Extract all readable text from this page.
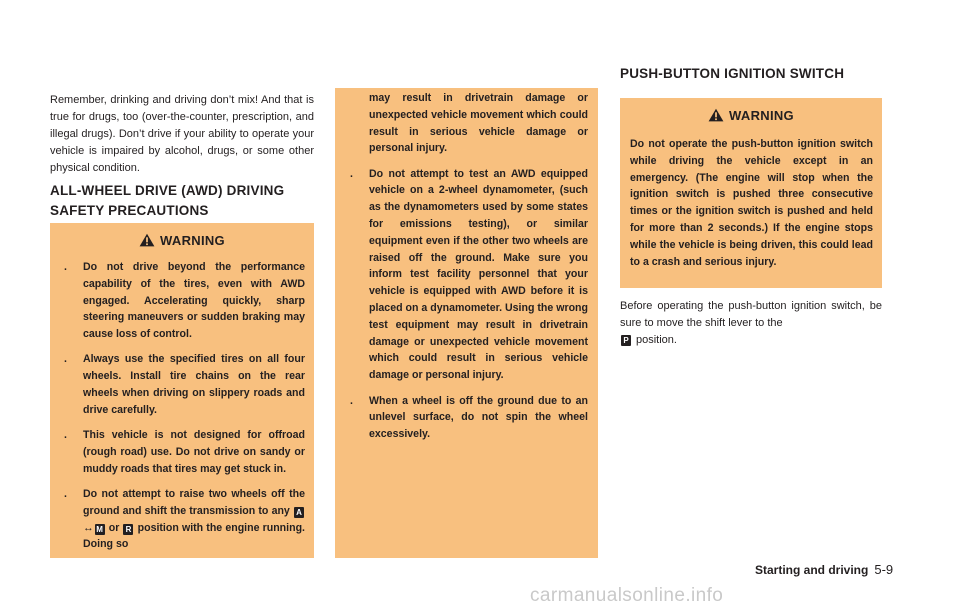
Remember, drinking and driving don’t mix! And that is true for drugs, too (over-the-counter, prescription, and illegal drugs). Don’t drive if your ability to operate your vehicle is impaired by alcohol, drugs, or some other physical condition.

ALL-WHEEL DRIVE (AWD) DRIVING
SAFETY PRECAUTIONS
WARNING
. Do not drive beyond the performance capability of the tires, even with AWD engaged. Accelerating quickly, sharp steering maneuvers or sudden braking may cause loss of control.
. Always use the specified tires on all four wheels. Install tire chains on the rear wheels when driving on slippery roads and drive carefully.
. This vehicle is not designed for offroad (rough road) use. Do not drive on sandy or muddy roads that tires may get stuck in.
. Do not attempt to raise two wheels off the ground and shift the transmission to any A↔ M or R position with the engine running. Doing so
may result in drivetrain damage or unexpected vehicle movement which could result in serious vehicle damage or personal injury.
. Do not attempt to test an AWD equipped vehicle on a 2-wheel dynamometer, (such as the dynamometers used by some states for emissions testing), or similar equipment even if the other two wheels are raised off the ground. Make sure you inform test facility personnel that your vehicle is equipped with AWD before it is placed on a dynamometer. Using the wrong test equipment may result in drivetrain damage or unexpected vehicle movement which could result in serious vehicle damage or personal injury.
. When a wheel is off the ground due to an unlevel surface, do not spin the wheel excessively.
PUSH-BUTTON IGNITION SWITCH
WARNING
Do not operate the push-button ignition switch while driving the vehicle except in an emergency. (The engine will stop when the ignition switch is pushed three consecutive times or the ignition switch is pushed and held for more than 2 seconds.) If the engine stops while the vehicle is being driven, this could lead to a crash and serious injury.

Before operating the push-button ignition switch, be sure to move the shift lever to the

P position.
Starting and driving 5-9
carmanualsonline.info
